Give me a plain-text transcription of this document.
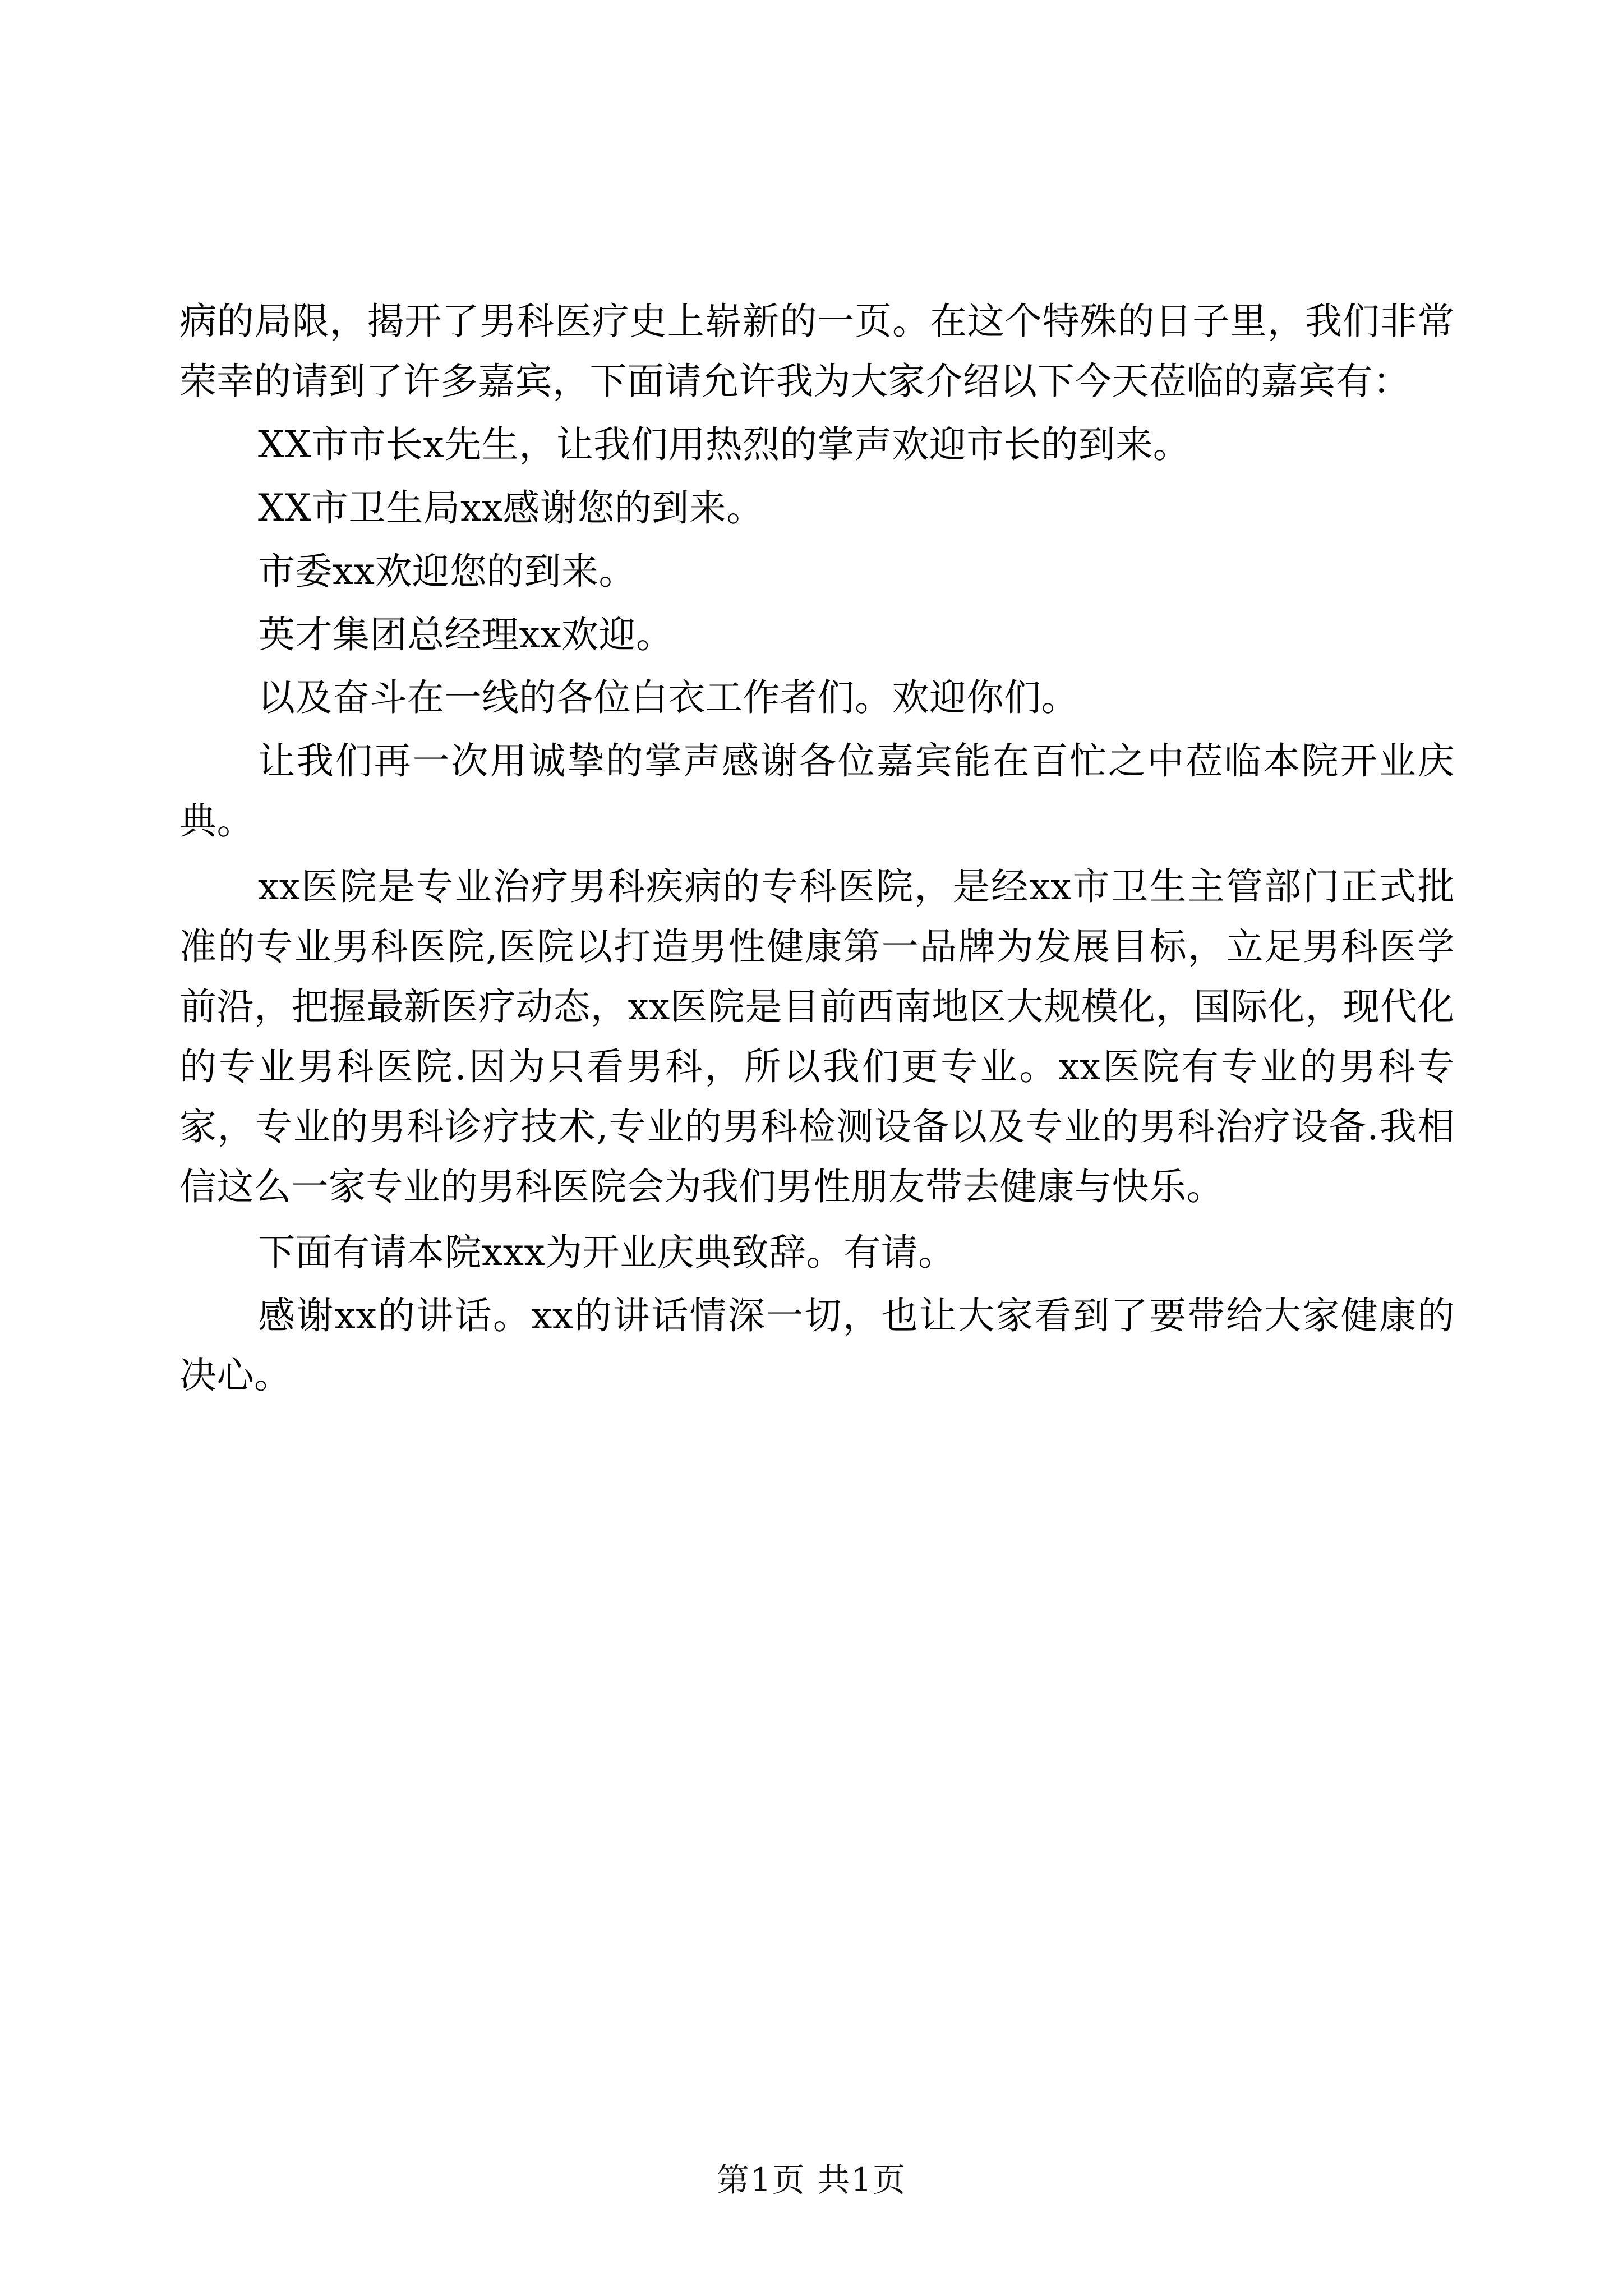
病的局限，揭开了男科医疗史上崭新的一页。在这个特殊的日子里，我们非常荣幸的请到了许多嘉宾，下面请允许我为大家介绍以下今天莅临的嘉宾有：

XX市市长x先生，让我们用热烈的掌声欢迎市长的到来。

XX市卫生局xx感谢您的到来。

市委xx欢迎您的到来。

英才集团总经理xx欢迎。

以及奋斗在一线的各位白衣工作者们。欢迎你们。

让我们再一次用诚挚的掌声感谢各位嘉宾能在百忙之中莅临本院开业庆典。

xx医院是专业治疗男科疾病的专科医院，是经xx市卫生主管部门正式批准的专业男科医院,医院以打造男性健康第一品牌为发展目标，立足男科医学前沿，把握最新医疗动态，xx医院是目前西南地区大规模化，国际化，现代化的专业男科医院.因为只看男科，所以我们更专业。xx医院有专业的男科专家，专业的男科诊疗技术,专业的男科检测设备以及专业的男科治疗设备.我相信这么一家专业的男科医院会为我们男性朋友带去健康与快乐。

下面有请本院xxx为开业庆典致辞。有请。

感谢xx的讲话。xx的讲话情深一切，也让大家看到了要带给大家健康的决心。

第1页 共1页
